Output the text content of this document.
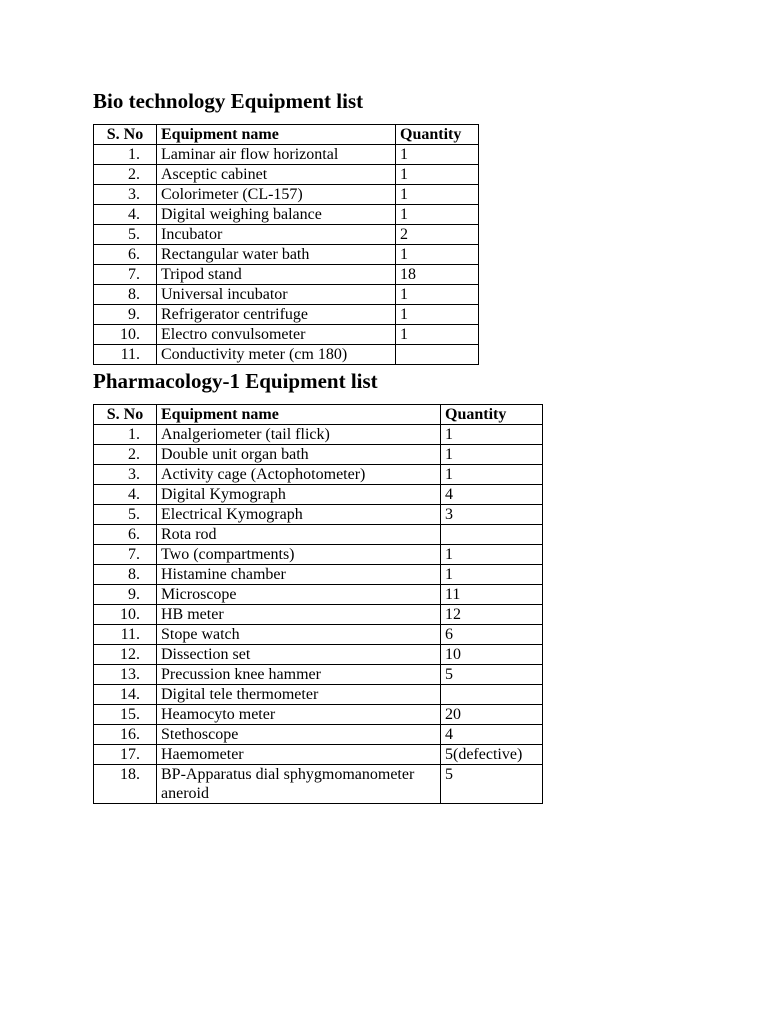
Bio technology Equipment list
S. No	Equipment name	Quantity
1.	Laminar air flow horizontal	1
2.	Asceptic cabinet	1
3.	Colorimeter (CL-157)	1
4.	Digital weighing balance	1
5.	Incubator	2
6.	Rectangular water bath	1
7.	Tripod stand	18
8.	Universal incubator	1
9.	Refrigerator centrifuge	1
10.	Electro convulsometer	1
11.	Conductivity meter (cm 180)	
Pharmacology-1 Equipment list
S. No	Equipment name	Quantity
1.	Analgeriometer (tail flick)	1
2.	Double unit organ bath	1
3.	Activity cage (Actophotometer)	1
4.	Digital Kymograph	4
5.	Electrical Kymograph	3
6.	Rota rod	
7.	Two (compartments)	1
8.	Histamine chamber	1
9.	Microscope	11
10.	HB meter	12
11.	Stope watch	6
12.	Dissection set	10
13.	Precussion knee hammer	5
14.	Digital tele thermometer	
15.	Heamocyto meter	20
16.	Stethoscope	4
17.	Haemometer	5(defective)
18.	BP-Apparatus dial sphygmomanometer aneroid	5
